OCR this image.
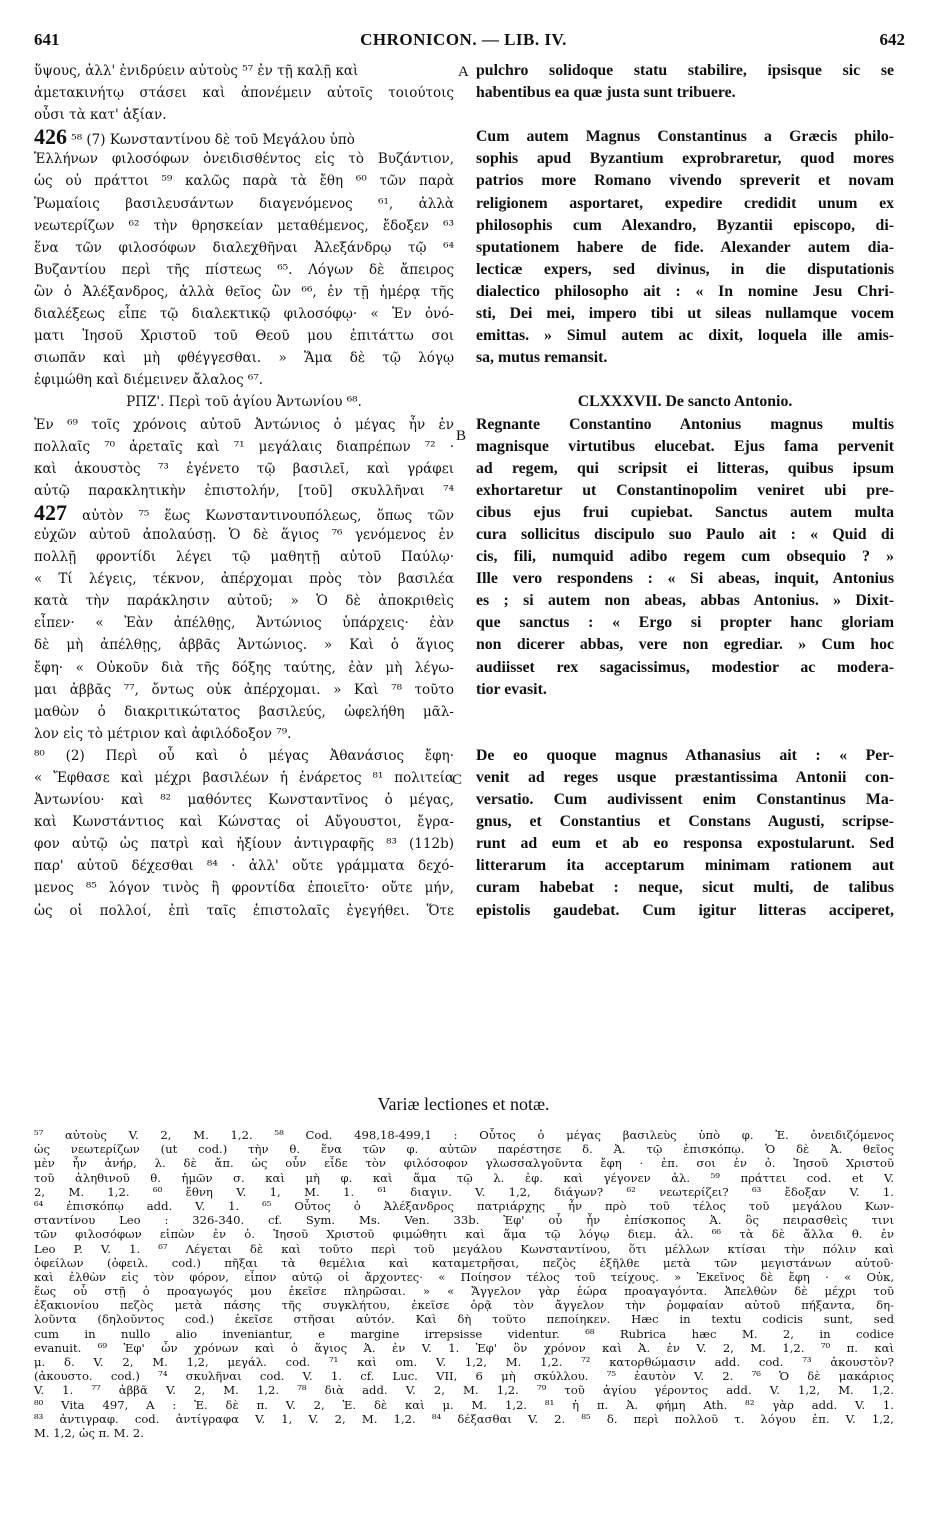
641	CHRONICON. — LIB. IV.	642
ὕψους, ἀλλ' ἐνιδρύειν αὐτοὺς ⁵⁷ ἐν τῇ καλῇ καὶ
ἀμετακινήτῳ στάσει καὶ ἀπονέμειν αὐτοῖς τοιούτοις
οὖσι τὰ κατ' ἀξίαν.
426 ⁵⁸ (7) Κωνσταντίνου δὲ τοῦ Μεγάλου ὑπὸ
Ἑλλήνων φιλοσόφων ὀνειδισθέντος εἰς τὸ Βυζάντιον,
ὡς οὐ πράττοι ⁵⁹ καλῶς παρὰ τὰ ἔθη ⁶⁰ τῶν παρὰ
Ῥωμαίοις βασιλευσάντων διαγενόμενος ⁶¹, ἀλλὰ
νεωτερίζων ⁶² τὴν θρησκείαν μεταθέμενος, ἔδοξεν ⁶³
ἕνα τῶν φιλοσόφων διαλεχθῆναι Ἀλεξάνδρῳ τῷ ⁶⁴
Βυζαντίου περὶ τῆς πίστεως ⁶⁵. Λόγων δὲ ἄπειρος
ὢν ὁ Ἀλέξανδρος, ἀλλὰ θεῖος ὢν ⁶⁶, ἐν τῇ ἡμέρᾳ τῆς
διαλέξεως εἶπε τῷ διαλεκτικῷ φιλοσόφῳ· « Ἐν ὀνό-
ματι Ἰησοῦ Χριστοῦ τοῦ Θεοῦ μου ἐπιτάττω σοι
σιωπᾶν καὶ μὴ φθέγγεσθαι. » Ἅμα δὲ τῷ λόγῳ
ἐφιμώθη καὶ διέμεινεν ἄλαλος ⁶⁷.
ΡΠΖ'. Περὶ τοῦ ἁγίου Ἀντωνίου ⁶⁸.
Ἐν ⁶⁹ τοῖς χρόνοις αὐτοῦ Ἀντώνιος ὁ μέγας ἦν ἐν
πολλαῖς ⁷⁰ ἀρεταῖς καὶ ⁷¹ μεγάλαις διαπρέπων ⁷² ·
καὶ ἀκουστὸς ⁷³ ἐγένετο τῷ βασιλεῖ, καὶ γράφει
αὐτῷ παρακλητικὴν ἐπιστολήν, [τοῦ] σκυλλῆναι ⁷⁴
427 αὐτὸν ⁷⁵ ἕως Κωνσταντινουπόλεως, ὅπως τῶν
εὐχῶν αὐτοῦ ἀπολαύσῃ. Ὁ δὲ ἅγιος ⁷⁶ γενόμενος ἐν
πολλῇ φροντίδι λέγει τῷ μαθητῇ αὐτοῦ Παύλῳ·
« Τί λέγεις, τέκνον, ἀπέρχομαι πρὸς τὸν βασιλέα
κατὰ τὴν παράκλησιν αὐτοῦ; » Ὁ δὲ ἀποκριθεὶς
εἶπεν· « Ἐὰν ἀπέλθῃς, Ἀντώνιος ὑπάρχεις· ἐὰν
δὲ μὴ ἀπέλθῃς, ἀββᾶς Ἀντώνιος. » Καὶ ὁ ἅγιος
ἔφη· « Οὐκοῦν διὰ τῆς δόξης ταύτης, ἐὰν μὴ λέγω-
μαι ἀββᾶς ⁷⁷, ὄντως οὐκ ἀπέρχομαι. » Καὶ ⁷⁸ τοῦτο
μαθὼν ὁ διακριτικώτατος βασιλεύς, ὠφελήθη μᾶλ-
λον εἰς τὸ μέτριον καὶ ἀφιλόδοξον ⁷⁹.
⁸⁰ (2) Περὶ οὗ καὶ ὁ μέγας Ἀθανάσιος ἔφη·
« Ἔφθασε καὶ μέχρι βασιλέων ἡ ἐνάρετος ⁸¹ πολιτεία
Ἀντωνίου· καὶ ⁸² μαθόντες Κωνσταντῖνος ὁ μέγας,
καὶ Κωνστάντιος καὶ Κώνστας οἱ Αὔγουστοι, ἔγρα-
φον αὐτῷ ὡς πατρὶ καὶ ἠξίουν ἀντιγραφῆς ⁸³ (112b)
παρ' αὐτοῦ δέχεσθαι ⁸⁴ · ἀλλ' οὔτε γράμματα δεχό-
μενος ⁸⁵ λόγον τινὸς ἢ φροντίδα ἐποιεῖτο· οὔτε μήν,
ὡς οἱ πολλοί, ἐπὶ ταῖς ἐπιστολαῖς ἐγεγήθει. Ὅτε
A
B
C
pulchro solidoque statu stabilire, ipsisque sic se
habentibus ea quæ justa sunt tribuere.
Cum autem Magnus Constantinus a Græcis philo-
sophis apud Byzantium exprobraretur, quod mores
patrios more Romano vivendo spreverit et novam
religionem asportaret, expedire credidit unum ex
philosophis cum Alexandro, Byzantii episcopo, di-
sputationem habere de fide. Alexander autem dia-
lecticæ expers, sed divinus, in die disputationis
dialectico philosopho ait : « In nomine Jesu Chri-
sti, Dei mei, impero tibi ut sileas nullamque vocem
emittas. » Simul autem ac dixit, loquela ille amis-
sa, mutus remansit.
CLXXXVII. De sancto Antonio.
Regnante Constantino Antonius magnus multis
magnisque virtutibus elucebat. Ejus fama pervenit
ad regem, qui scripsit ei litteras, quibus ipsum
exhortaretur ut Constantinopolim veniret ubi pre-
cibus ejus frui cupiebat. Sanctus autem multa
cura sollicitus discipulo suo Paulo ait : « Quid di
cis, fili, numquid adibo regem cum obsequio ? »
Ille vero respondens : « Si abeas, inquit, Antonius
es ; si autem non abeas, abbas Antonius. » Dixit-
que sanctus : « Ergo si propter hanc gloriam
non dicerer abbas, vere non egrediar. » Cum hoc
audiisset rex sagacissimus, modestior ac modera-
tior evasit.
De eo quoque magnus Athanasius ait : « Per-
venit ad reges usque præstantissima Antonii con-
versatio. Cum audivissent enim Constantinus Ma-
gnus, et Constantius et Constans Augusti, scripse-
runt ad eum et ab eo responsa expostularunt. Sed
litterarum ita acceptarum minimam rationem aut
curam habebat : neque, sicut multi, de talibus
epistolis gaudebat. Cum igitur litteras acciperet,
Variæ lectiones et notæ.
⁵⁷ αὐτοὺς V. 2, M. 1,2. ⁵⁸ Cod. 498,18-499,1 : Οὗτος ὁ μέγας βασιλεὺς ὑπὸ φ. Ἑ. ὀνειδιζόμενος
ὡς νεωτερίζων (ut cod.) τὴν θ. ἕνα τῶν φ. αὐτῶν παρέστησε δ. Ἀ. τῷ ἐπισκόπῳ. Ὁ δὲ Ἀ. θεῖος
μὲν ἦν ἀνήρ, λ. δὲ ἄπ. ὡς οὖν εἶδε τὸν φιλόσοφον γλωσσαλγοῦντα ἔφη · ἐπ. σοι ἐν ὀ. Ἰησοῦ Χριστοῦ
τοῦ ἀληθινοῦ θ. ἡμῶν σ. καὶ μὴ φ. καὶ ἅμα τῷ λ. ἐφ. καὶ γέγονεν ἀλ. ⁵⁹ πράττει cod. et V.
2, M. 1,2. ⁶⁰ ἔθνη V. 1, M. 1. ⁶¹ διαγιν. V. 1,2, διάγων? ⁶² νεωτερίζει? ⁶³ ἔδοξαν V. 1.
⁶⁴ ἐπισκόπῳ add. V. 1. ⁶⁵ Οὗτος ὁ Ἀλέξανδρος πατριάρχης ἦν πρὸ τοῦ τέλος τοῦ μεγάλου Κων-
σταντίνου Leo : 326-340. cf. Sym. Ms. Ven. 33b. Ἐφ' οὗ ἦν ἐπίσκοπος Ἀ. ὃς πειρασθεὶς τινι
τῶν φιλοσόφων εἰπὼν ἐν ὀ. Ἰησοῦ Χριστοῦ φιμώθητι καὶ ἅμα τῷ λόγῳ διεμ. ἀλ. ⁶⁶ τὰ δὲ ἄλλα θ. ἐν
Leo P. V. 1. ⁶⁷ Λέγεται δὲ καὶ τοῦτο περὶ τοῦ μεγάλου Κωνσταντίνου, ὅτι μέλλων κτίσαι τὴν πόλιν καὶ
ὀφείλων (ὀφειλ. cod.) πῆξαι τὰ θεμέλια καὶ καταμετρῆσαι, πεζὸς ἐξῆλθε μετὰ τῶν μεγιστάνων αὐτοῦ·
καὶ ἐλθὼν εἰς τὸν φόρον, εἶπον αὐτῷ οἱ ἄρχοντες· « Ποίησον τέλος τοῦ τείχους. » Ἐκεῖνος δὲ ἔφη · « Οὐκ,
ἕως οὗ στῇ ὁ προαγωγός μου ἐκεῖσε πληρῶσαι. » « Ἄγγελον γὰρ ἑώρα προαγαγόντα. Ἀπελθὼν δὲ μέχρι τοῦ
ἐξακιονίου πεζὸς μετὰ πάσης τῆς συγκλήτου, ἐκεῖσε ὁρᾷ τὸν ἄγγελον τὴν ῥομφαίαν αὐτοῦ πήξαντα, δη-
λοῦντα (δηλοῦντος cod.) ἐκεῖσε στῆσαι αὐτόν. Καὶ δὴ τοῦτο πεποίηκεν. Hæc in textu codicis sunt, sed
cum in nullo alio inveniantur, e margine irrepsisse videntur. ⁶⁸ Rubrica hæc M. 2, in codice
evanuit. ⁶⁹ Ἐφ' ὧν χρόνων καὶ ὁ ἅγιος Ἀ. ἐν V. 1. Ἐφ' ὃν χρόνον καὶ Ἀ. ἐν V. 2, M. 1,2. ⁷⁰ π. καὶ
μ. δ. V. 2, M. 1,2, μεγάλ. cod. ⁷¹ καὶ om. V. 1,2, M. 1,2. ⁷² κατορθώμασιν add. cod. ⁷³ ἀκουστὸν?
(ἀκουστο. cod.) ⁷⁴ σκυλῆναι cod. V. 1. cf. Luc. VII, 6 μὴ σκύλλου. ⁷⁵ ἑαυτὸν V. 2. ⁷⁶ Ὁ δὲ μακάριος
V. 1. ⁷⁷ ἀββᾶ V. 2, M. 1,2. ⁷⁸ διὰ add. V. 2, M. 1,2. ⁷⁹ τοῦ ἁγίου γέροντος add. V. 1,2, M. 1,2.
⁸⁰ Vita 497, A : Ἐ. δὲ π. V. 2, Ἐ. δὲ καὶ μ. M. 1,2. ⁸¹ ἡ π. Ἀ. φήμη Ath. ⁸² γὰρ add. V. 1.
⁸³ ἀντιγραφ. cod. ἀντίγραφα V. 1, V. 2, M. 1,2. ⁸⁴ δέξασθαι V. 2. ⁸⁵ δ. περὶ πολλοῦ τ. λόγου ἐπ. V. 1,2,
M. 1,2, ὡς π. M. 2.
